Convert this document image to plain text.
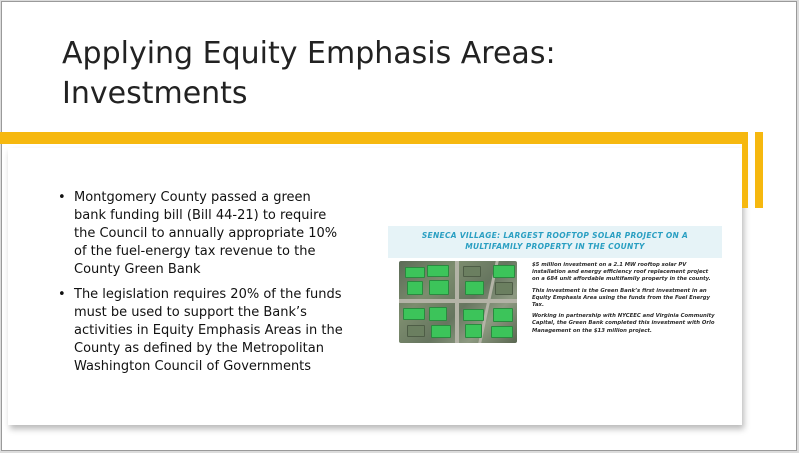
Applying Equity Emphasis Areas:
Investments
• Montgomery County passed a green bank funding bill (Bill 44-21) to require the Council to annually appropriate 10% of the fuel-energy tax revenue to the County Green Bank
• The legislation requires 20% of the funds must be used to support the Bank’s activities in Equity Emphasis Areas in the County as defined by the Metropolitan Washington Council of Governments
SENECA VILLAGE: LARGEST ROOFTOP SOLAR PROJECT ON A
MULTIFAMILY PROPERTY IN THE COUNTY

$5 million investment on a 2.1 MW rooftop solar PV installation and energy efficiency roof replacement project on a 684 unit affordable multifamily property in the county.

This investment is the Green Bank’s first investment in an Equity Emphasis Area using the funds from the Fuel Energy Tax.

Working in partnership with NYCEEC and Virginia Community Capital, the Green Bank completed this investment with Orlo Management on the $13 million project.
